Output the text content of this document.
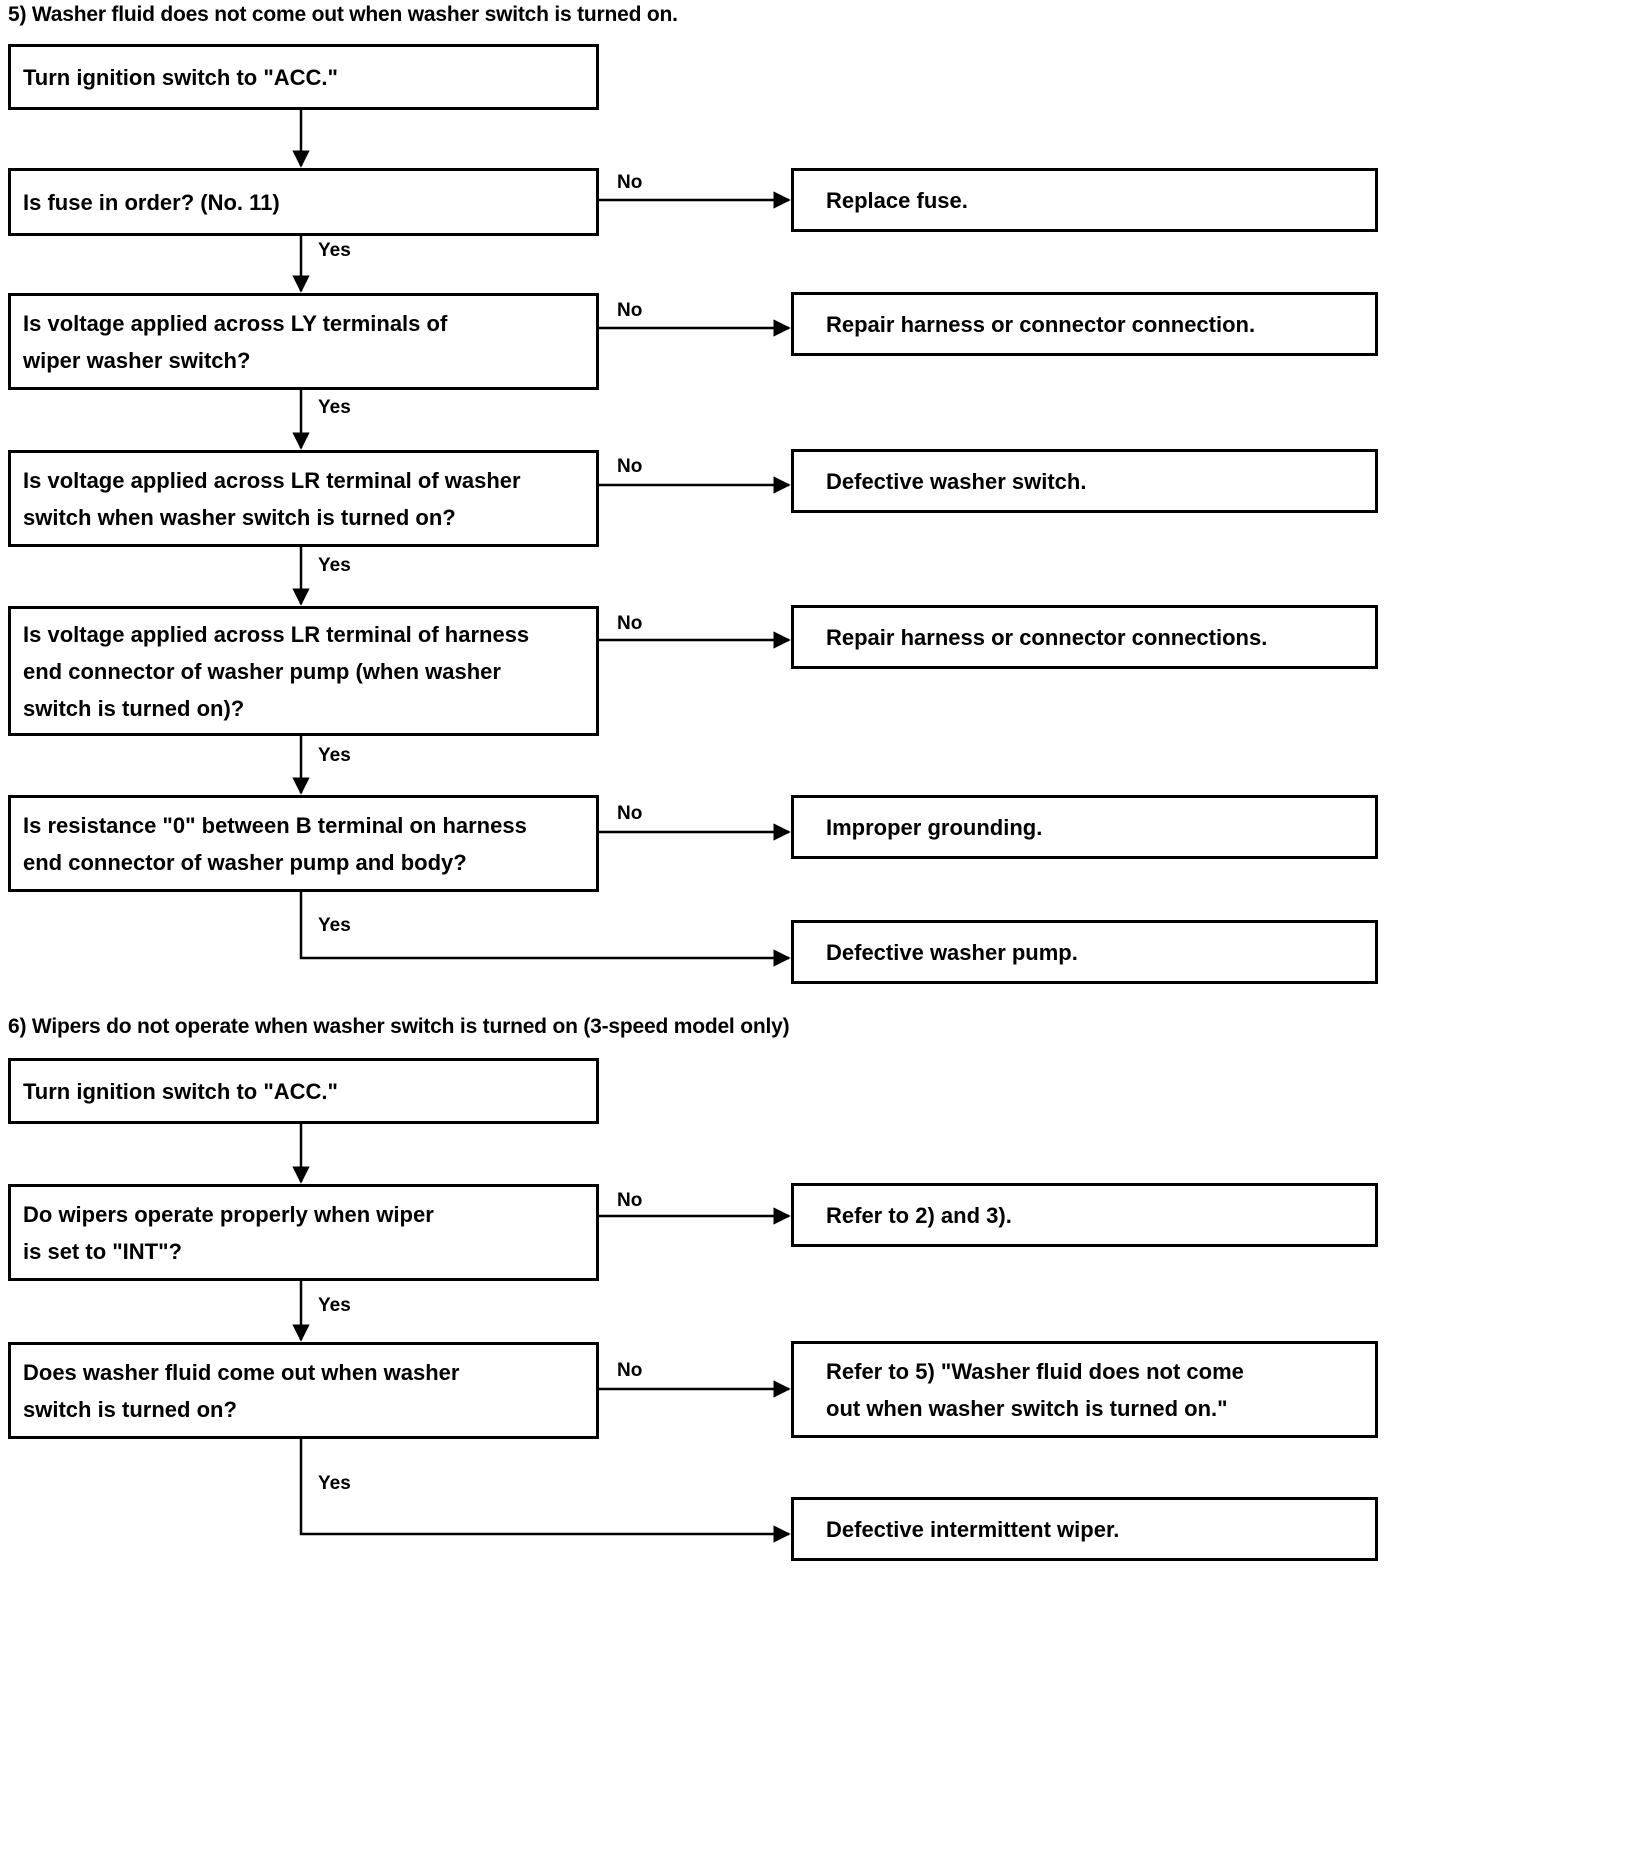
5) Washer fluid does not come out when washer switch is turned on.
Turn ignition switch to "ACC."
Is fuse in order? (No. 11)
Is voltage applied across LY terminals of
wiper washer switch?
Is voltage applied across LR terminal of washer
switch when washer switch is turned on?
Is voltage applied across LR terminal of harness
end connector of washer pump (when washer
switch is turned on)?
Is resistance "0" between B terminal on harness
end connector of washer pump and body?
Replace fuse.
Repair harness or connector connection.
Defective washer switch.
Repair harness or connector connections.
Improper grounding.
Defective washer pump.
No
No
No
No
No
Yes
Yes
Yes
Yes
Yes
6) Wipers do not operate when washer switch is turned on (3-speed model only)
Turn ignition switch to "ACC."
Do wipers operate properly when wiper
is set to "INT"?
Does washer fluid come out when washer
switch is turned on?
Refer to 2) and 3).
Refer to 5) "Washer fluid does not come
out when washer switch is turned on."
Defective intermittent wiper.
No
No
Yes
Yes
